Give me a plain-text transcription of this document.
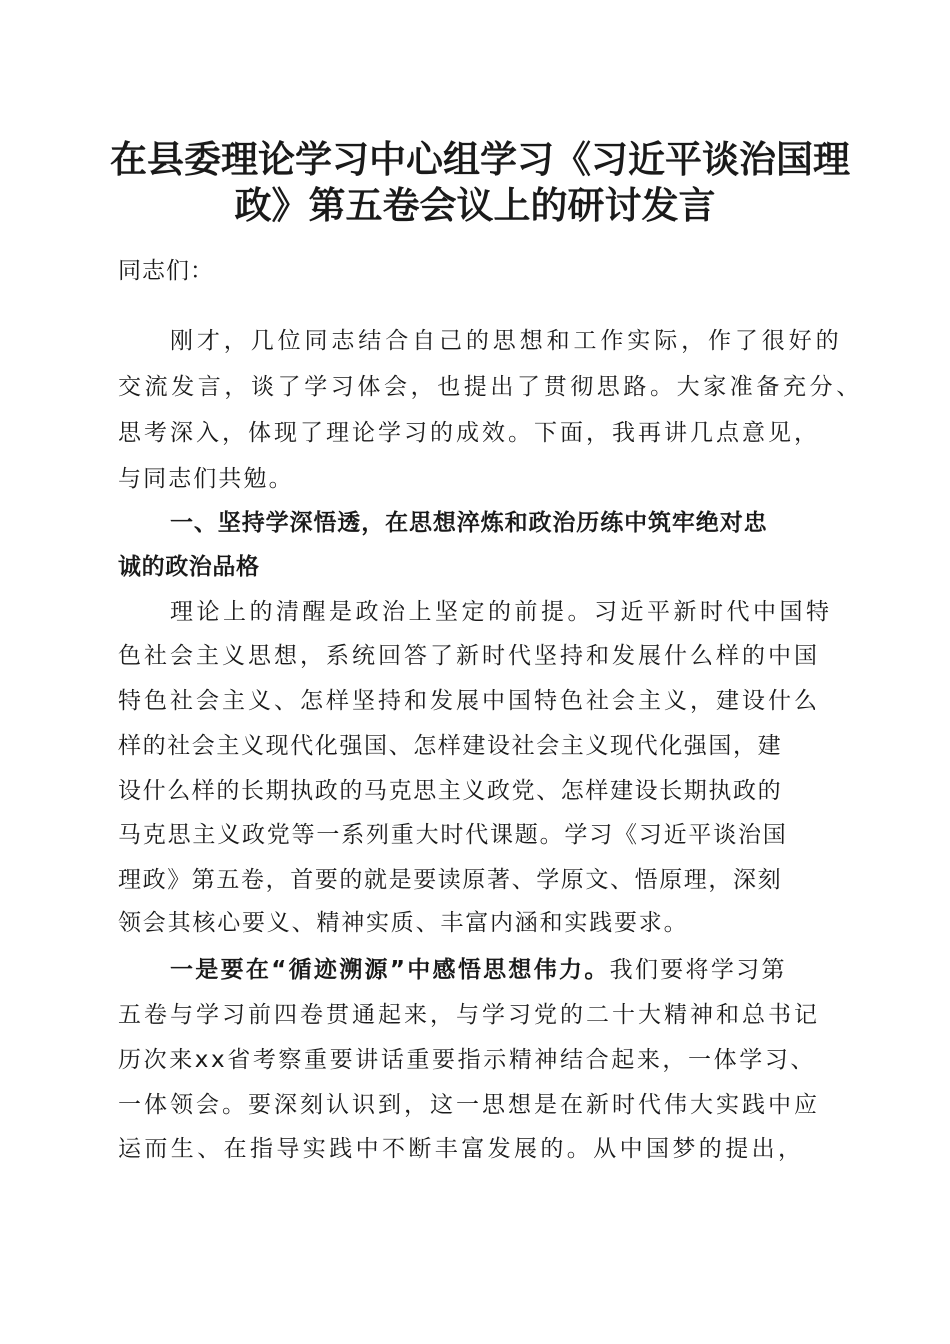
在县委理论学习中心组学习《习近平谈治国理
政》第五卷会议上的研讨发言
同志们：
刚才，几位同志结合自己的思想和工作实际，作了很好的
交流发言，谈了学习体会，也提出了贯彻思路。大家准备充分、
思考深入，体现了理论学习的成效。下面，我再讲几点意见，
与同志们共勉。
一、坚持学深悟透，在思想淬炼和政治历练中筑牢绝对忠
诚的政治品格
理论上的清醒是政治上坚定的前提。习近平新时代中国特
色社会主义思想，系统回答了新时代坚持和发展什么样的中国
特色社会主义、怎样坚持和发展中国特色社会主义，建设什么
样的社会主义现代化强国、怎样建设社会主义现代化强国，建
设什么样的长期执政的马克思主义政党、怎样建设长期执政的
马克思主义政党等一系列重大时代课题。学习《习近平谈治国
理政》第五卷，首要的就是要读原著、学原文、悟原理，深刻
领会其核心要义、精神实质、丰富内涵和实践要求。
一是要在“循迹溯源”中感悟思想伟力。我们要将学习第
五卷与学习前四卷贯通起来，与学习党的二十大精神和总书记
历次来xx省考察重要讲话重要指示精神结合起来，一体学习、
一体领会。要深刻认识到，这一思想是在新时代伟大实践中应
运而生、在指导实践中不断丰富发展的。从中国梦的提出，
